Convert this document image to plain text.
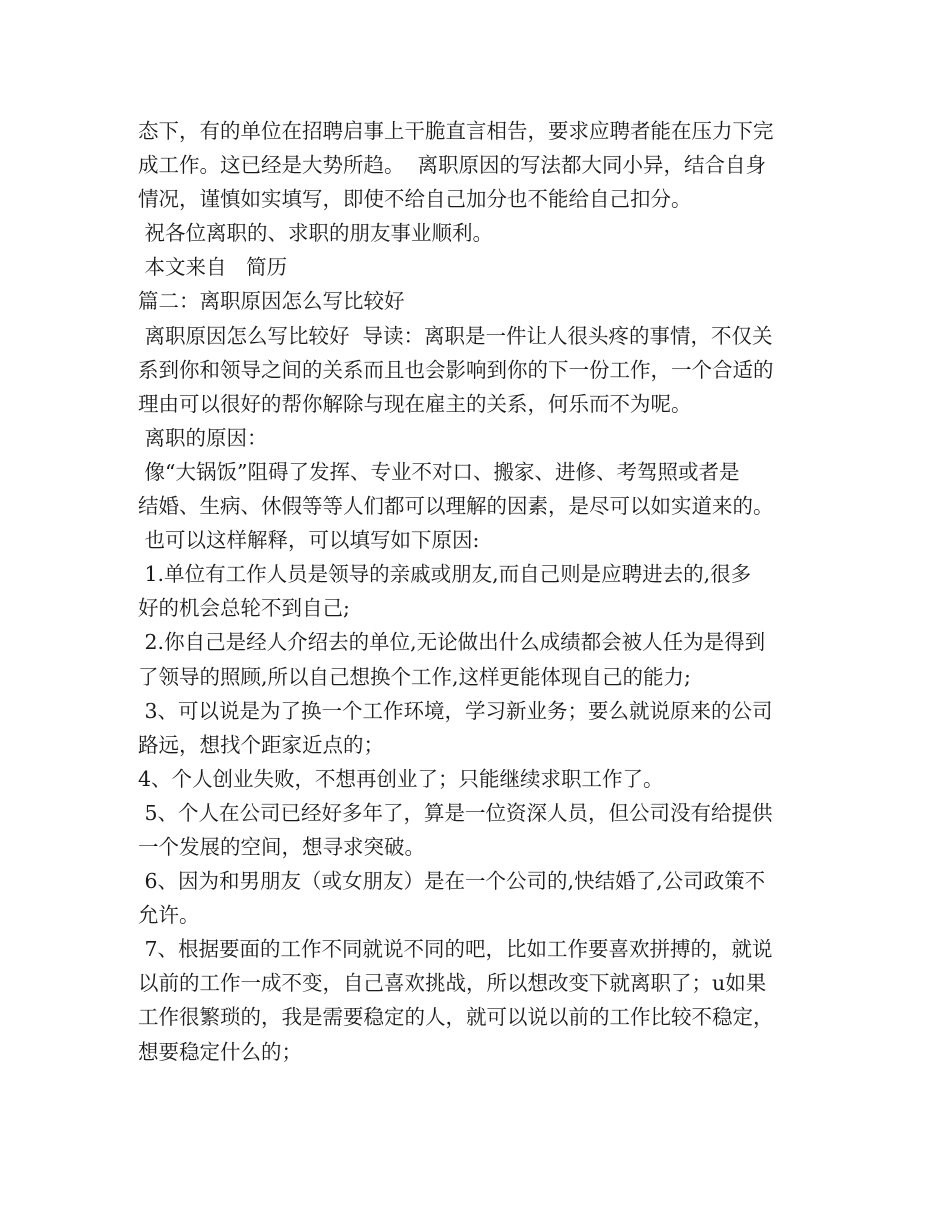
态下，有的单位在招聘启事上干脆直言相告，要求应聘者能在压力下完
成工作。这已经是大势所趋。  离职原因的写法都大同小异，结合自身
情况，谨慎如实填写，即使不给自己加分也不能给自己扣分。
祝各位离职的、求职的朋友事业顺利。
本文来自   简历
篇二：离职原因怎么写比较好
离职原因怎么写比较好  导读：离职是一件让人很头疼的事情，不仅关
系到你和领导之间的关系而且也会影响到你的下一份工作，一个合适的
理由可以很好的帮你解除与现在雇主的关系，何乐而不为呢。
离职的原因：
像“大锅饭”阻碍了发挥、专业不对口、搬家、进修、考驾照或者是
结婚、生病、休假等等人们都可以理解的因素，是尽可以如实道来的。
也可以这样解释，可以填写如下原因:
1.单位有工作人员是领导的亲戚或朋友,而自己则是应聘进去的,很多
好的机会总轮不到自己;
2.你自己是经人介绍去的单位,无论做出什么成绩都会被人任为是得到
了领导的照顾,所以自己想换个工作,这样更能体现自己的能力;
3、可以说是为了换一个工作环境，学习新业务；要么就说原来的公司
路远，想找个距家近点的；
4、个人创业失败，不想再创业了；只能继续求职工作了。
5、个人在公司已经好多年了，算是一位资深人员，但公司没有给提供
一个发展的空间，想寻求突破。
6、因为和男朋友（或女朋友）是在一个公司的,快结婚了,公司政策不
允许。
7、根据要面的工作不同就说不同的吧，比如工作要喜欢拼搏的，就说
以前的工作一成不变，自己喜欢挑战，所以想改变下就离职了；u如果
工作很繁琐的，我是需要稳定的人，就可以说以前的工作比较不稳定，
想要稳定什么的；
